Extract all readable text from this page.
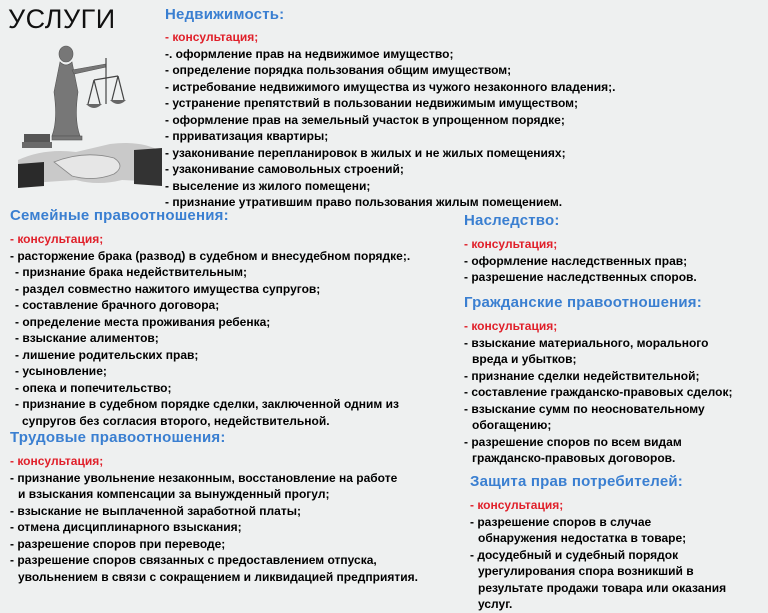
УСЛУГИ	Недвижимость:
- консультация;
-. оформление прав на недвижимое имущество;
- определение порядка пользования общим имуществом;
- истребование недвижимого имущества из чужого незаконного владения;.
- устранение препятствий в пользовании недвижимым имуществом;
- оформление прав на земельный участок в упрощенном порядке;
- прриватизация квартиры;
- узаконивание перепланировок в жилых и не жилых помещениях;
- узаконивание самовольных строений;
- выселение из жилого помещени;
- признание утратившим право пользования жилым помещением.
Семейные правоотношения:
- консультация;
- расторжение брака (развод) в судебном и внесудебном порядке;.
- признание брака недействительным;
- раздел совместно нажитого имущества супругов;
- составление брачного договора;
- определение места проживания ребенка;
- взыскание алиментов;
- лишение родительских прав;
- усыновление;
- опека и попечительство;
- признание в судебном порядке сделки, заключенной одним из
супругов без согласия второго, недействительной.
Трудовые правоотношения:
- консультация;
- признание увольнение незаконным, восстановление на работе
и взыскания компенсации за вынужденный прогул;
- взыскание не выплаченной заработной платы;
- отмена дисциплинарного взыскания;
- разрешение споров при переводе;
- разрешение споров связанных с предоставлением отпуска,
увольнением в связи с сокращением и ликвидацией предприятия.
Наследство:
- консультация;
- оформление наследственных прав;
- разрешение наследственных споров.
Гражданские правоотношения:
- консультация;
- взыскание материального, морального
вреда и убытков;
- признание сделки недействительной;
- составление гражданско-правовых сделок;
- взыскание сумм по неосновательному
обогащению;
- разрешение споров по всем видам
гражданско-правовых договоров.
Защита прав потребителей:
- консультация;
- разрешение споров в случае
обнаружения недостатка в товаре;
- досудебный и судебный порядок
урегулирования спора возникший в
результате продажи товара или оказания
услуг.
